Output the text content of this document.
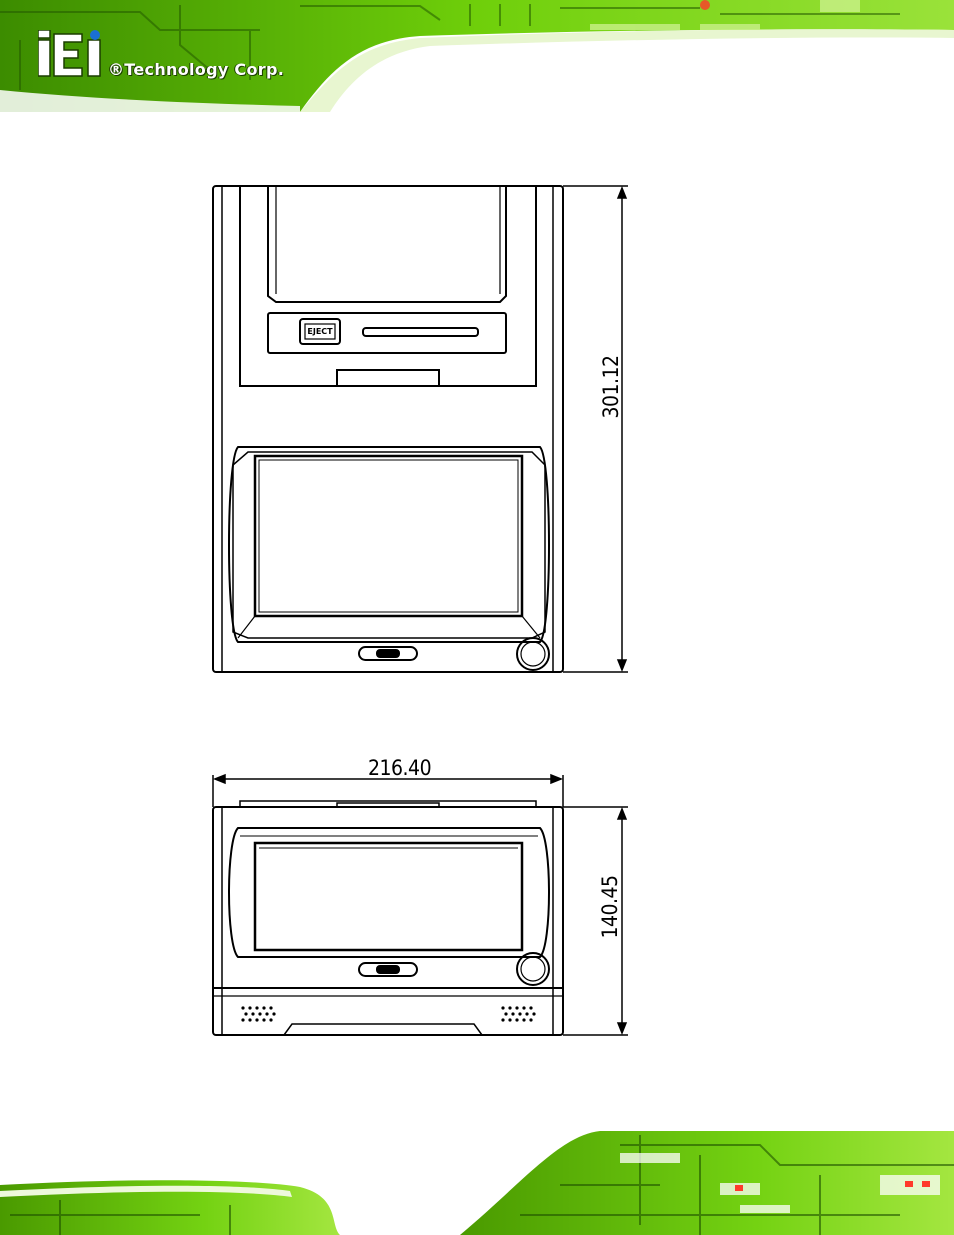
®Technology Corp.
EJECT
301.12
216.40
140.45
